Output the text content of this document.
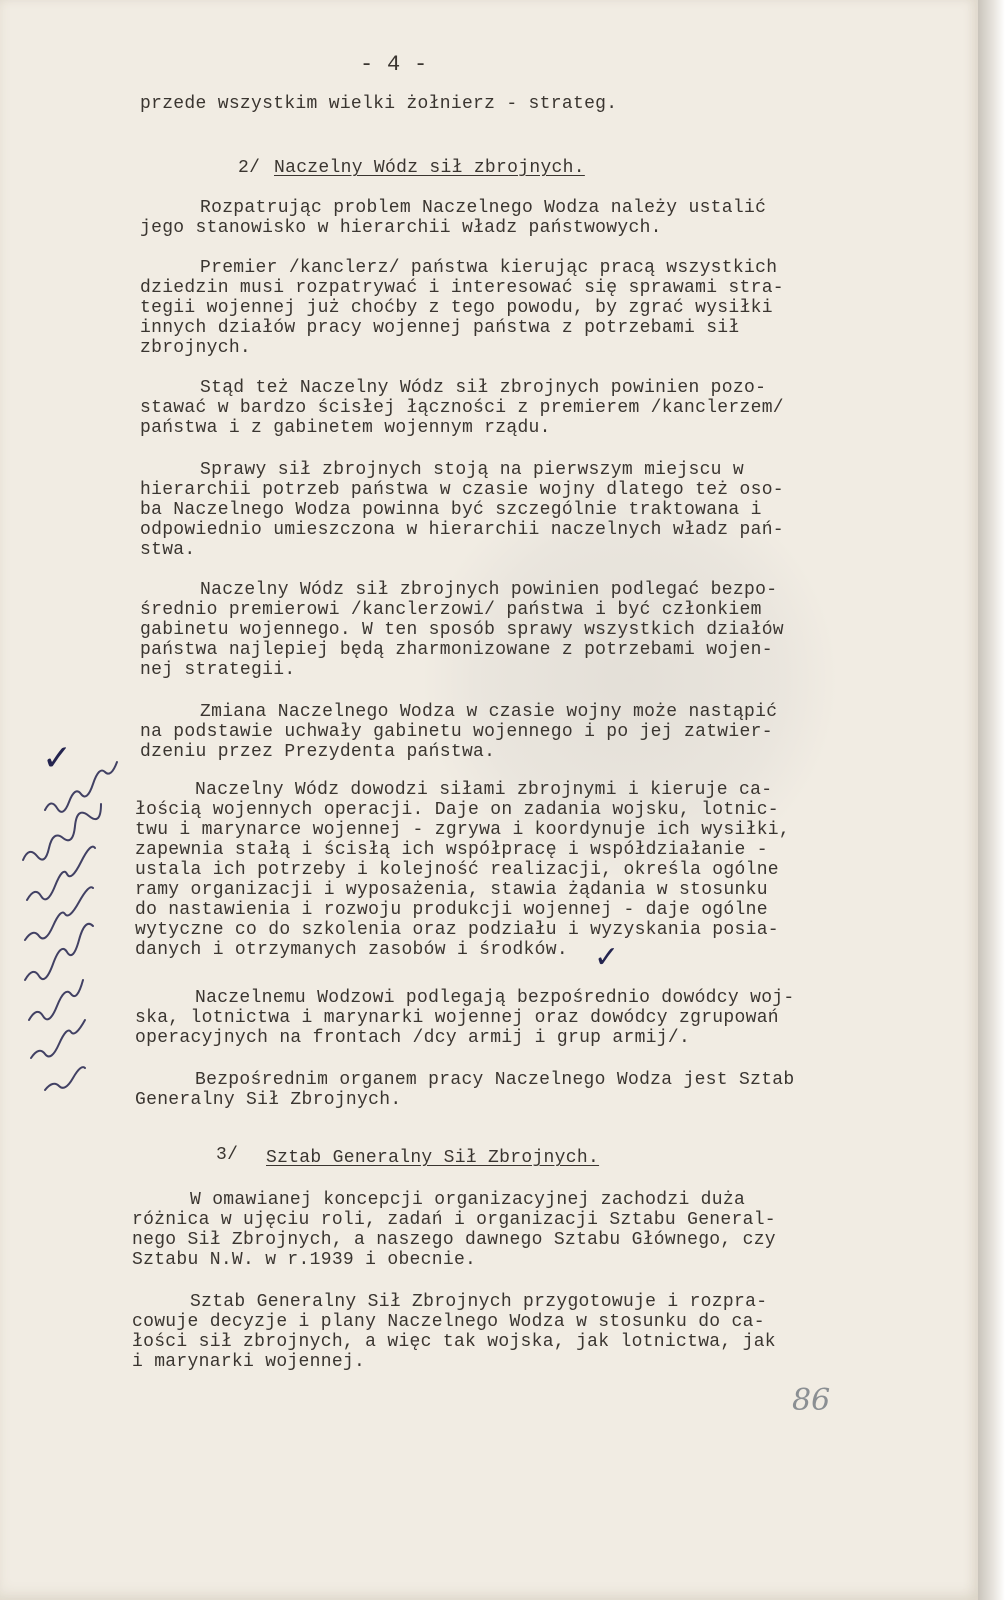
- 4 -

przede wszystkim wielki żołnierz - strateg.

2/ Naczelny Wódz sił zbrojnych.
Rozpatrując problem Naczelnego Wodza należy ustalić
jego stanowisko w hierarchii władz państwowych.
Premier /kanclerz/ państwa kierując pracą wszystkich
dziedzin musi rozpatrywać i interesować się sprawami stra-
tegii wojennej już choćby z tego powodu, by zgrać wysiłki
innych działów pracy wojennej państwa z potrzebami sił
zbrojnych.
Stąd też Naczelny Wódz sił zbrojnych powinien pozo-
stawać w bardzo ścisłej łączności z premierem /kanclerzem/
państwa i z gabinetem wojennym rządu.
Sprawy sił zbrojnych stoją na pierwszym miejscu w
hierarchii potrzeb państwa w czasie wojny dlatego też oso-
ba Naczelnego Wodza powinna być szczególnie traktowana i
odpowiednio umieszczona w hierarchii naczelnych władz pań-
stwa.
Naczelny Wódz sił zbrojnych powinien podlegać bezpo-
średnio premierowi /kanclerzowi/ państwa i być członkiem
gabinetu wojennego. W ten sposób sprawy wszystkich działów
państwa najlepiej będą zharmonizowane z potrzebami wojen-
nej strategii.
Zmiana Naczelnego Wodza w czasie wojny może nastąpić
na podstawie uchwały gabinetu wojennego i po jej zatwier-
dzeniu przez Prezydenta państwa.
Naczelny Wódz dowodzi siłami zbrojnymi i kieruje ca-
łością wojennych operacji. Daje on zadania wojsku, lotnic-
twu i marynarce wojennej - zgrywa i koordynuje ich wysiłki,
zapewnia stałą i ścisłą ich współpracę i współdziałanie -
ustala ich potrzeby i kolejność realizacji, określa ogólne
ramy organizacji i wyposażenia, stawia żądania w stosunku
do nastawienia i rozwoju produkcji wojennej - daje ogólne
wytyczne co do szkolenia oraz podziału i wyzyskania posia-
danych i otrzymanych zasobów i środków.
Naczelnemu Wodzowi podlegają bezpośrednio dowódcy woj-
ska, lotnictwa i marynarki wojennej oraz dowódcy zgrupowań
operacyjnych na frontach /dcy armij i grup armij/.
Bezpośrednim organem pracy Naczelnego Wodza jest Sztab
Generalny Sił Zbrojnych.
3/ Sztab Generalny Sił Zbrojnych.
W omawianej koncepcji organizacyjnej zachodzi duża
różnica w ujęciu roli, zadań i organizacji Sztabu General-
nego Sił Zbrojnych, a naszego dawnego Sztabu Głównego, czy
Sztabu N.W. w r.1939 i obecnie.
Sztab Generalny Sił Zbrojnych przygotowuje i rozpra-
cowuje decyzje i plany Naczelnego Wodza w stosunku do ca-
łości sił zbrojnych, a więc tak wojska, jak lotnictwa, jak
i marynarki wojennej.

86

✓
✓
